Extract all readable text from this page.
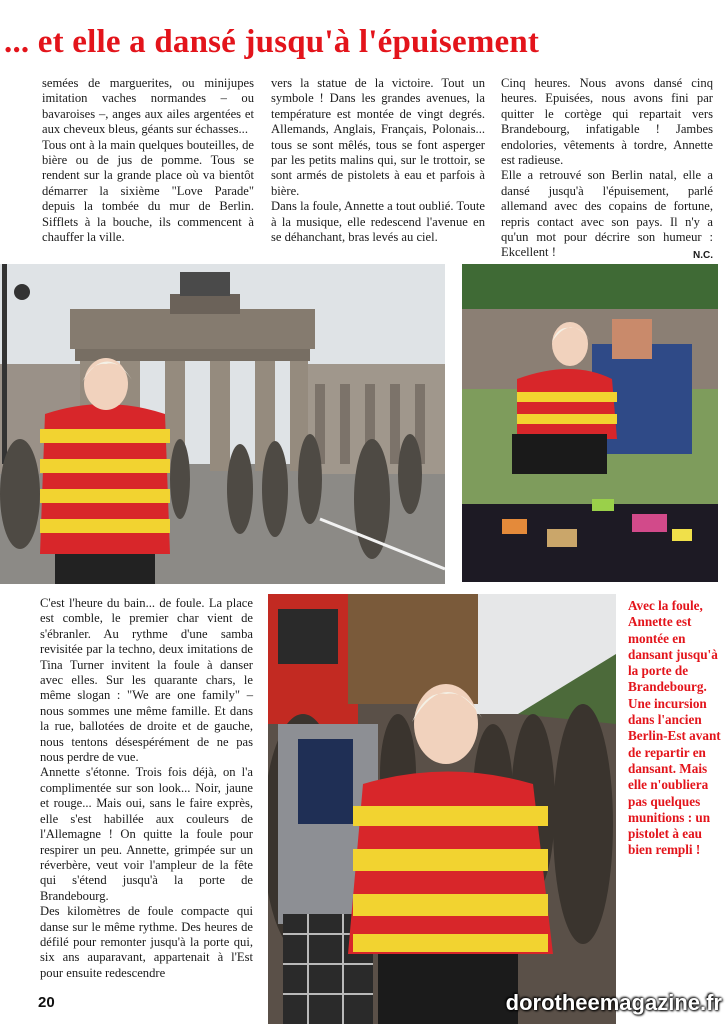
... et elle a dansé jusqu'à l'épuisement

semées de marguerites, ou minijupes imitation vaches normandes – ou bavaroises –, anges aux ailes argentées et aux cheveux bleus, géants sur échasses...

Tous ont à la main quelques bouteilles, de bière ou de jus de pomme. Tous se rendent sur la grande place où va bientôt démarrer la sixième "Love Parade" depuis la tombée du mur de Berlin. Sifflets à la bouche, ils commencent à chauffer la ville.

vers la statue de la victoire. Tout un symbole ! Dans les grandes avenues, la température est montée de vingt degrés. Allemands, Anglais, Français, Polonais... tous se sont mêlés, tous se font asperger par les petits malins qui, sur le trottoir, se sont armés de pistolets à eau et parfois à bière.

Dans la foule, Annette a tout oublié. Toute à la musique, elle redescend l'avenue en se déhanchant, bras levés au ciel.

Cinq heures. Nous avons dansé cinq heures. Epuisées, nous avons fini par quitter le cortège qui repartait vers Brandebourg, infatigable ! Jambes endolories, vêtements à tordre, Annette est radieuse.

Elle a retrouvé son Berlin natal, elle a dansé jusqu'à l'épuisement, parlé allemand avec des copains de fortune, repris contact avec son pays. Il n'y a qu'un mot pour décrire son humeur : Ekcellent !	N.C.

C'est l'heure du bain... de foule. La place est comble, le premier char vient de s'ébranler. Au rythme d'une samba revisitée par la techno, deux imitations de Tina Turner invitent la foule à danser avec elles. Sur les quarante chars, le même slogan : "We are one family" – nous sommes une même famille. Et dans la rue, ballotées de droite et de gauche, nous tentons désespérément de ne pas nous perdre de vue.

Annette s'étonne. Trois fois déjà, on l'a complimentée sur son look... Noir, jaune et rouge... Mais oui, sans le faire exprès, elle s'est habillée aux couleurs de l'Allemagne ! On quitte la foule pour respirer un peu. Annette, grimpée sur un réverbère, veut voir l'ampleur de la fête qui s'étend jusqu'à la porte de Brandebourg.

Des kilomètres de foule compacte qui danse sur le même rythme. Des heures de défilé pour remonter jusqu'à la porte qui, six ans auparavant, appartenait à l'Est pour ensuite redescendre

Avec la foule, Annette est montée en dansant jusqu'à la porte de Brandebourg. Une incursion dans l'ancien Berlin-Est avant de repartir en dansant. Mais elle n'oubliera pas quelques munitions : un pistolet à eau bien rempli !
20	dorotheemagazine.fr
